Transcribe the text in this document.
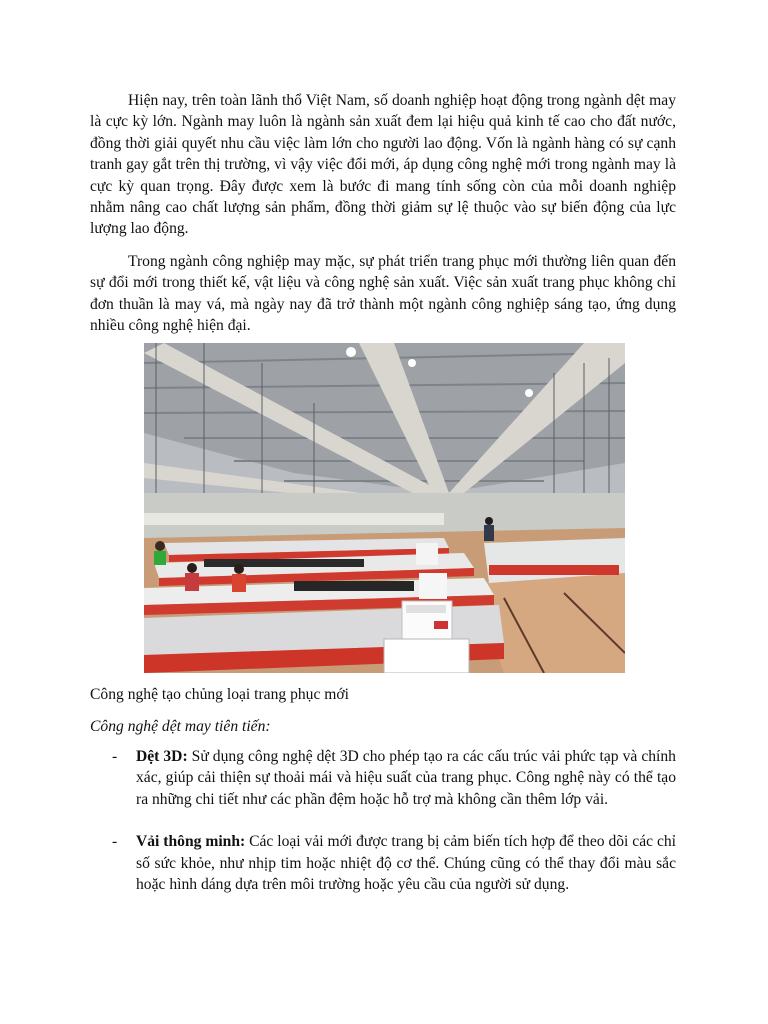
Hiện nay, trên toàn lãnh thổ Việt Nam, số doanh nghiệp hoạt động trong ngành dệt may là cực kỳ lớn. Ngành may luôn là ngành sản xuất đem lại hiệu quả kinh tế cao cho đất nước, đồng thời giải quyết nhu cầu việc làm lớn cho người lao động. Vốn là ngành hàng có sự cạnh tranh gay gắt trên thị trường, vì vậy việc đổi mới, áp dụng công nghệ mới trong ngành may là cực kỳ quan trọng. Đây được xem là bước đi mang tính sống còn của mỗi doanh nghiệp nhằm nâng cao chất lượng sản phẩm, đồng thời giảm sự lệ thuộc vào sự biến động của lực lượng lao động.

Trong ngành công nghiệp may mặc, sự phát triển trang phục mới thường liên quan đến sự đổi mới trong thiết kế, vật liệu và công nghệ sản xuất. Việc sản xuất trang phục không chỉ đơn thuần là may vá, mà ngày nay đã trở thành một ngành công nghiệp sáng tạo, ứng dụng nhiều công nghệ hiện đại.

Công nghệ tạo chủng loại trang phục mới
Công nghệ dệt may tiên tiến:
- Dệt 3D: Sử dụng công nghệ dệt 3D cho phép tạo ra các cấu trúc vải phức tạp và chính xác, giúp cải thiện sự thoải mái và hiệu suất của trang phục. Công nghệ này có thể tạo ra những chi tiết như các phần đệm hoặc hỗ trợ mà không cần thêm lớp vải.
- Vải thông minh: Các loại vải mới được trang bị cảm biến tích hợp để theo dõi các chỉ số sức khỏe, như nhịp tim hoặc nhiệt độ cơ thể. Chúng cũng có thể thay đổi màu sắc hoặc hình dáng dựa trên môi trường hoặc yêu cầu của người sử dụng.
